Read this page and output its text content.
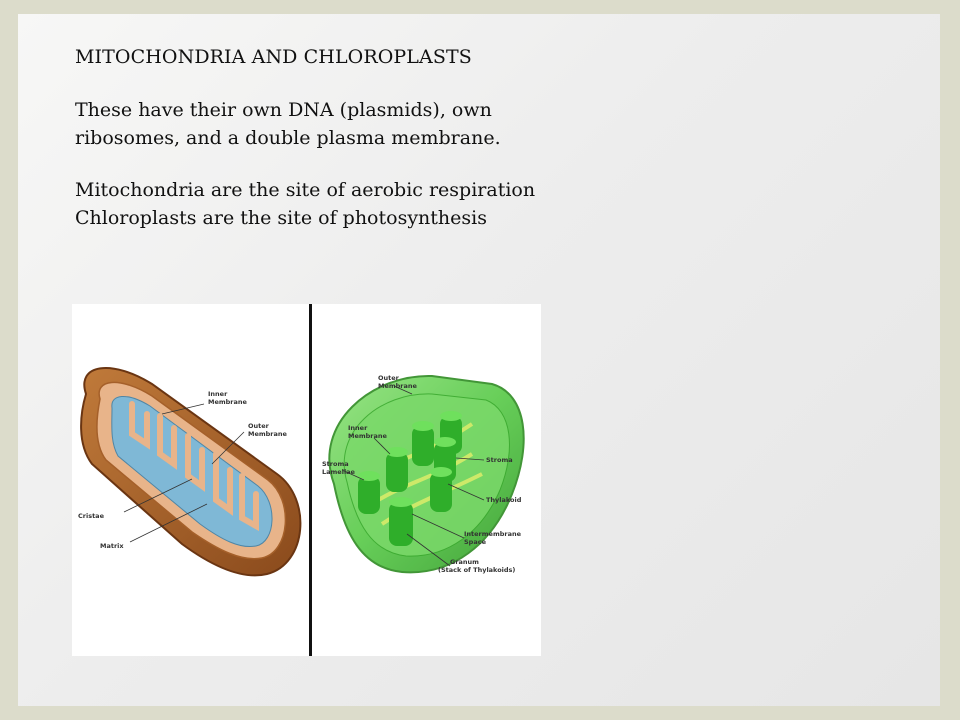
MITOCHONDRIA AND CHLOROPLASTS

These have their own DNA (plasmids), own
ribosomes, and a double plasma membrane.

Mitochondria are the site of aerobic respiration
Chloroplasts are the site of photosynthesis

Inner
Membrane
Outer
Membrane
Cristae
Matrix
Outer
Membrane
Inner
Membrane
Stroma
Lamellae
Stroma
Thylakoid
Intermembrane
Space
Granum
(Stack of Thylakoids)
